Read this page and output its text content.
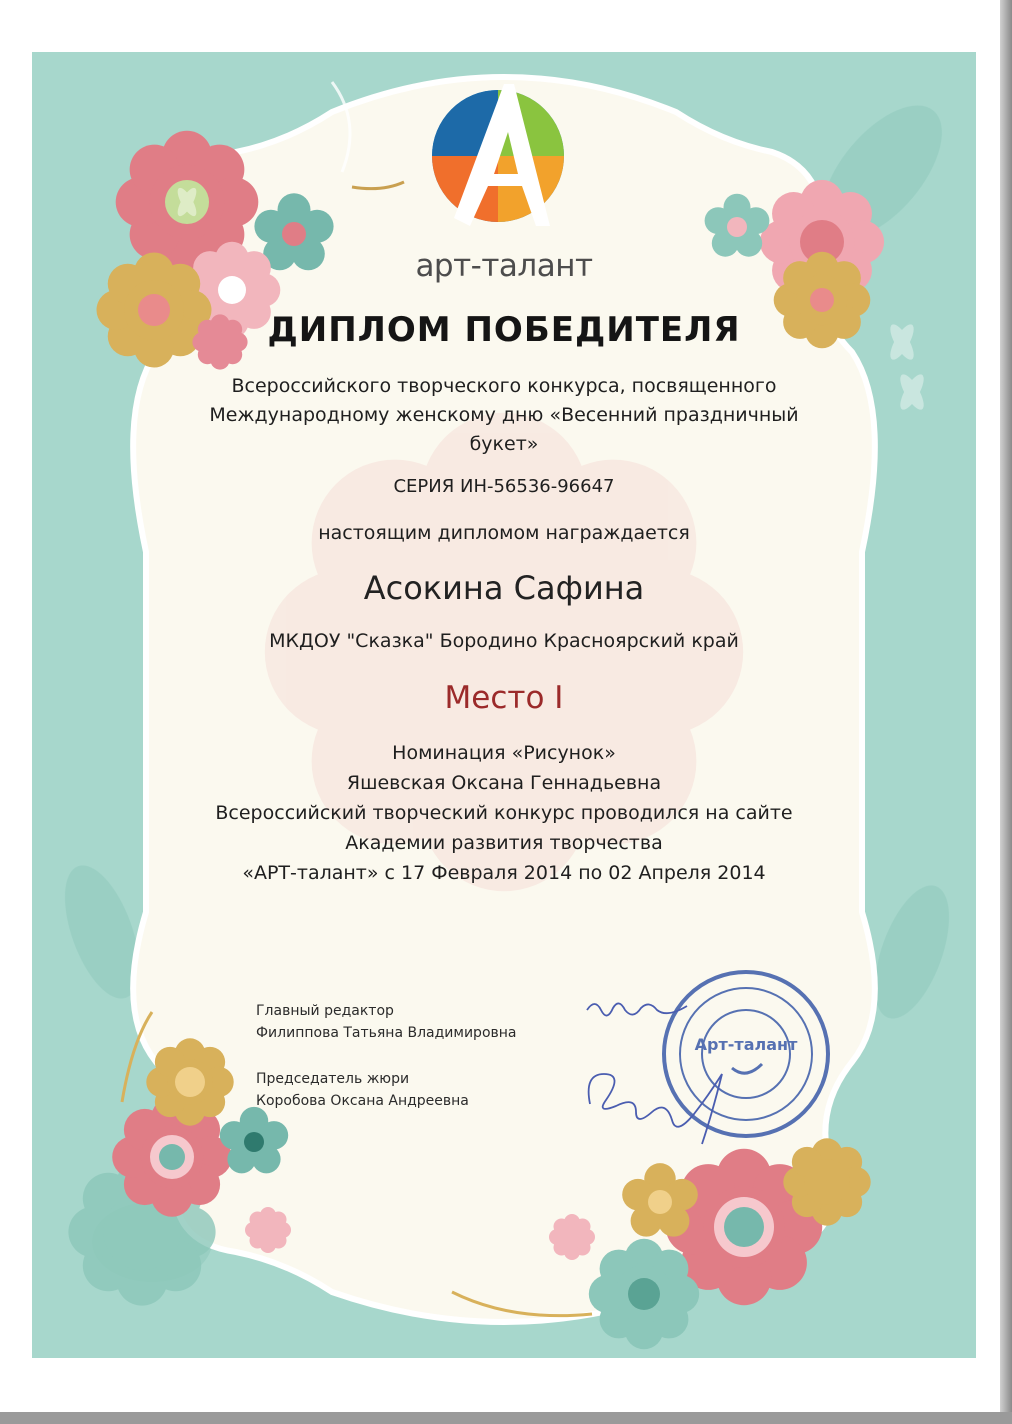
Арт-талант
арт-талант
ДИПЛОМ ПОБЕДИТЕЛЯ
Всероссийского творческого конкурса, посвященного
Международному женскому дню «Весенний праздничный
букет»
СЕРИЯ ИН-56536-96647
настоящим дипломом награждается
Асокина Сафина
МКДОУ "Сказка" Бородино Красноярский край
Место I
Номинация «Рисунок»
Яшевская Оксана Геннадьевна
Всероссийский творческий конкурс проводился на сайте
Академии развития творчества
«АРТ-талант» с 17 Февраля 2014 по 02 Апреля 2014
Главный редактор
Филиппова Татьяна Владимировна
Председатель жюри
Коробова Оксана Андреевна
